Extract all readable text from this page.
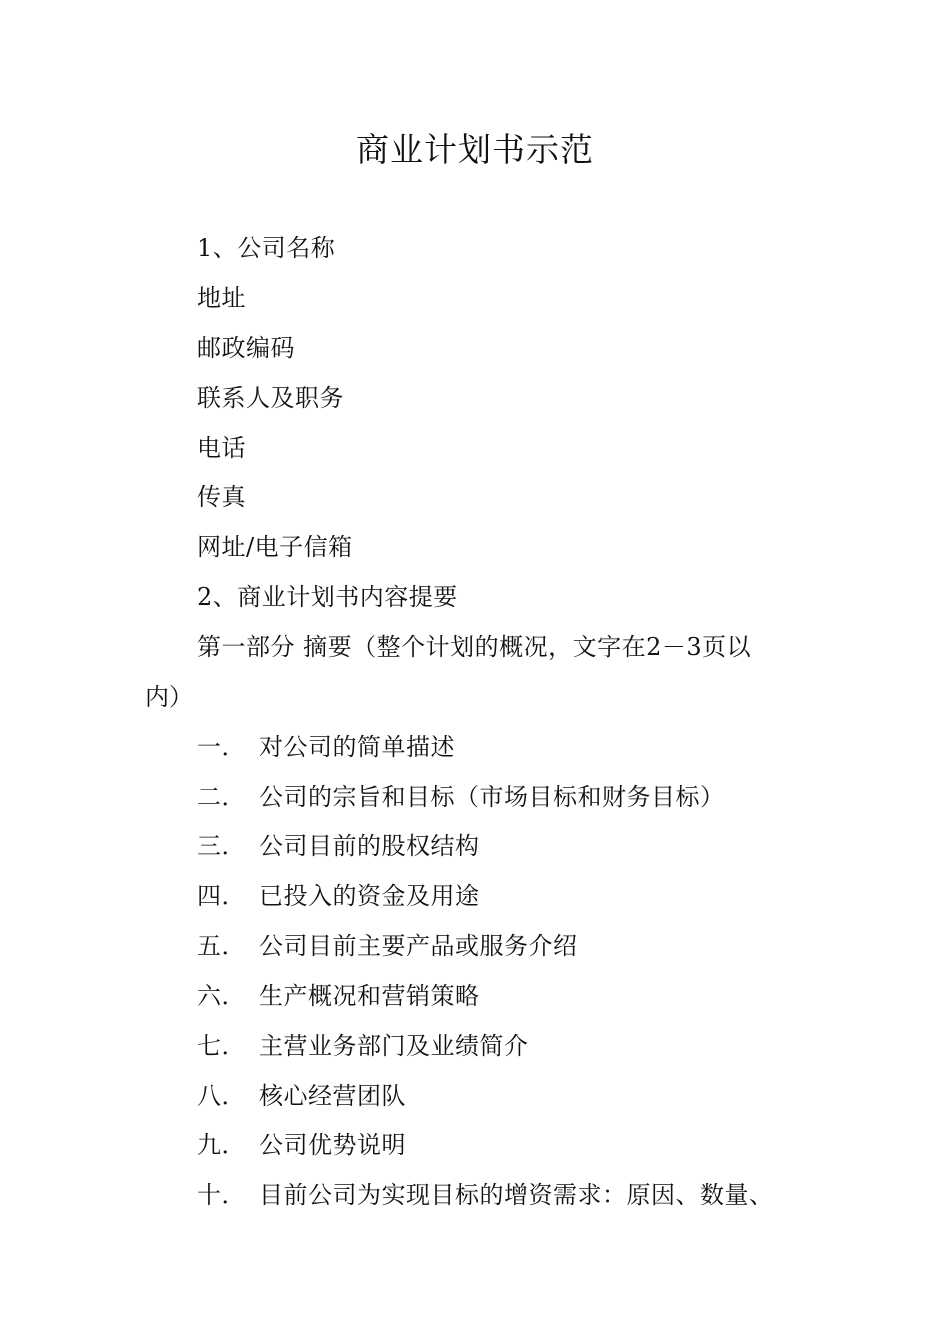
商业计划书示范
1、公司名称
地址
邮政编码
联系人及职务
电话
传真
网址/电子信箱
2、商业计划书内容提要
第一部分 摘要（整个计划的概况，文字在2－3页以
内）
一． 对公司的简单描述
二． 公司的宗旨和目标（市场目标和财务目标）
三． 公司目前的股权结构
四． 已投入的资金及用途
五． 公司目前主要产品或服务介绍
六． 生产概况和营销策略
七． 主营业务部门及业绩简介
八． 核心经营团队
九． 公司优势说明
十． 目前公司为实现目标的增资需求：原因、数量、
